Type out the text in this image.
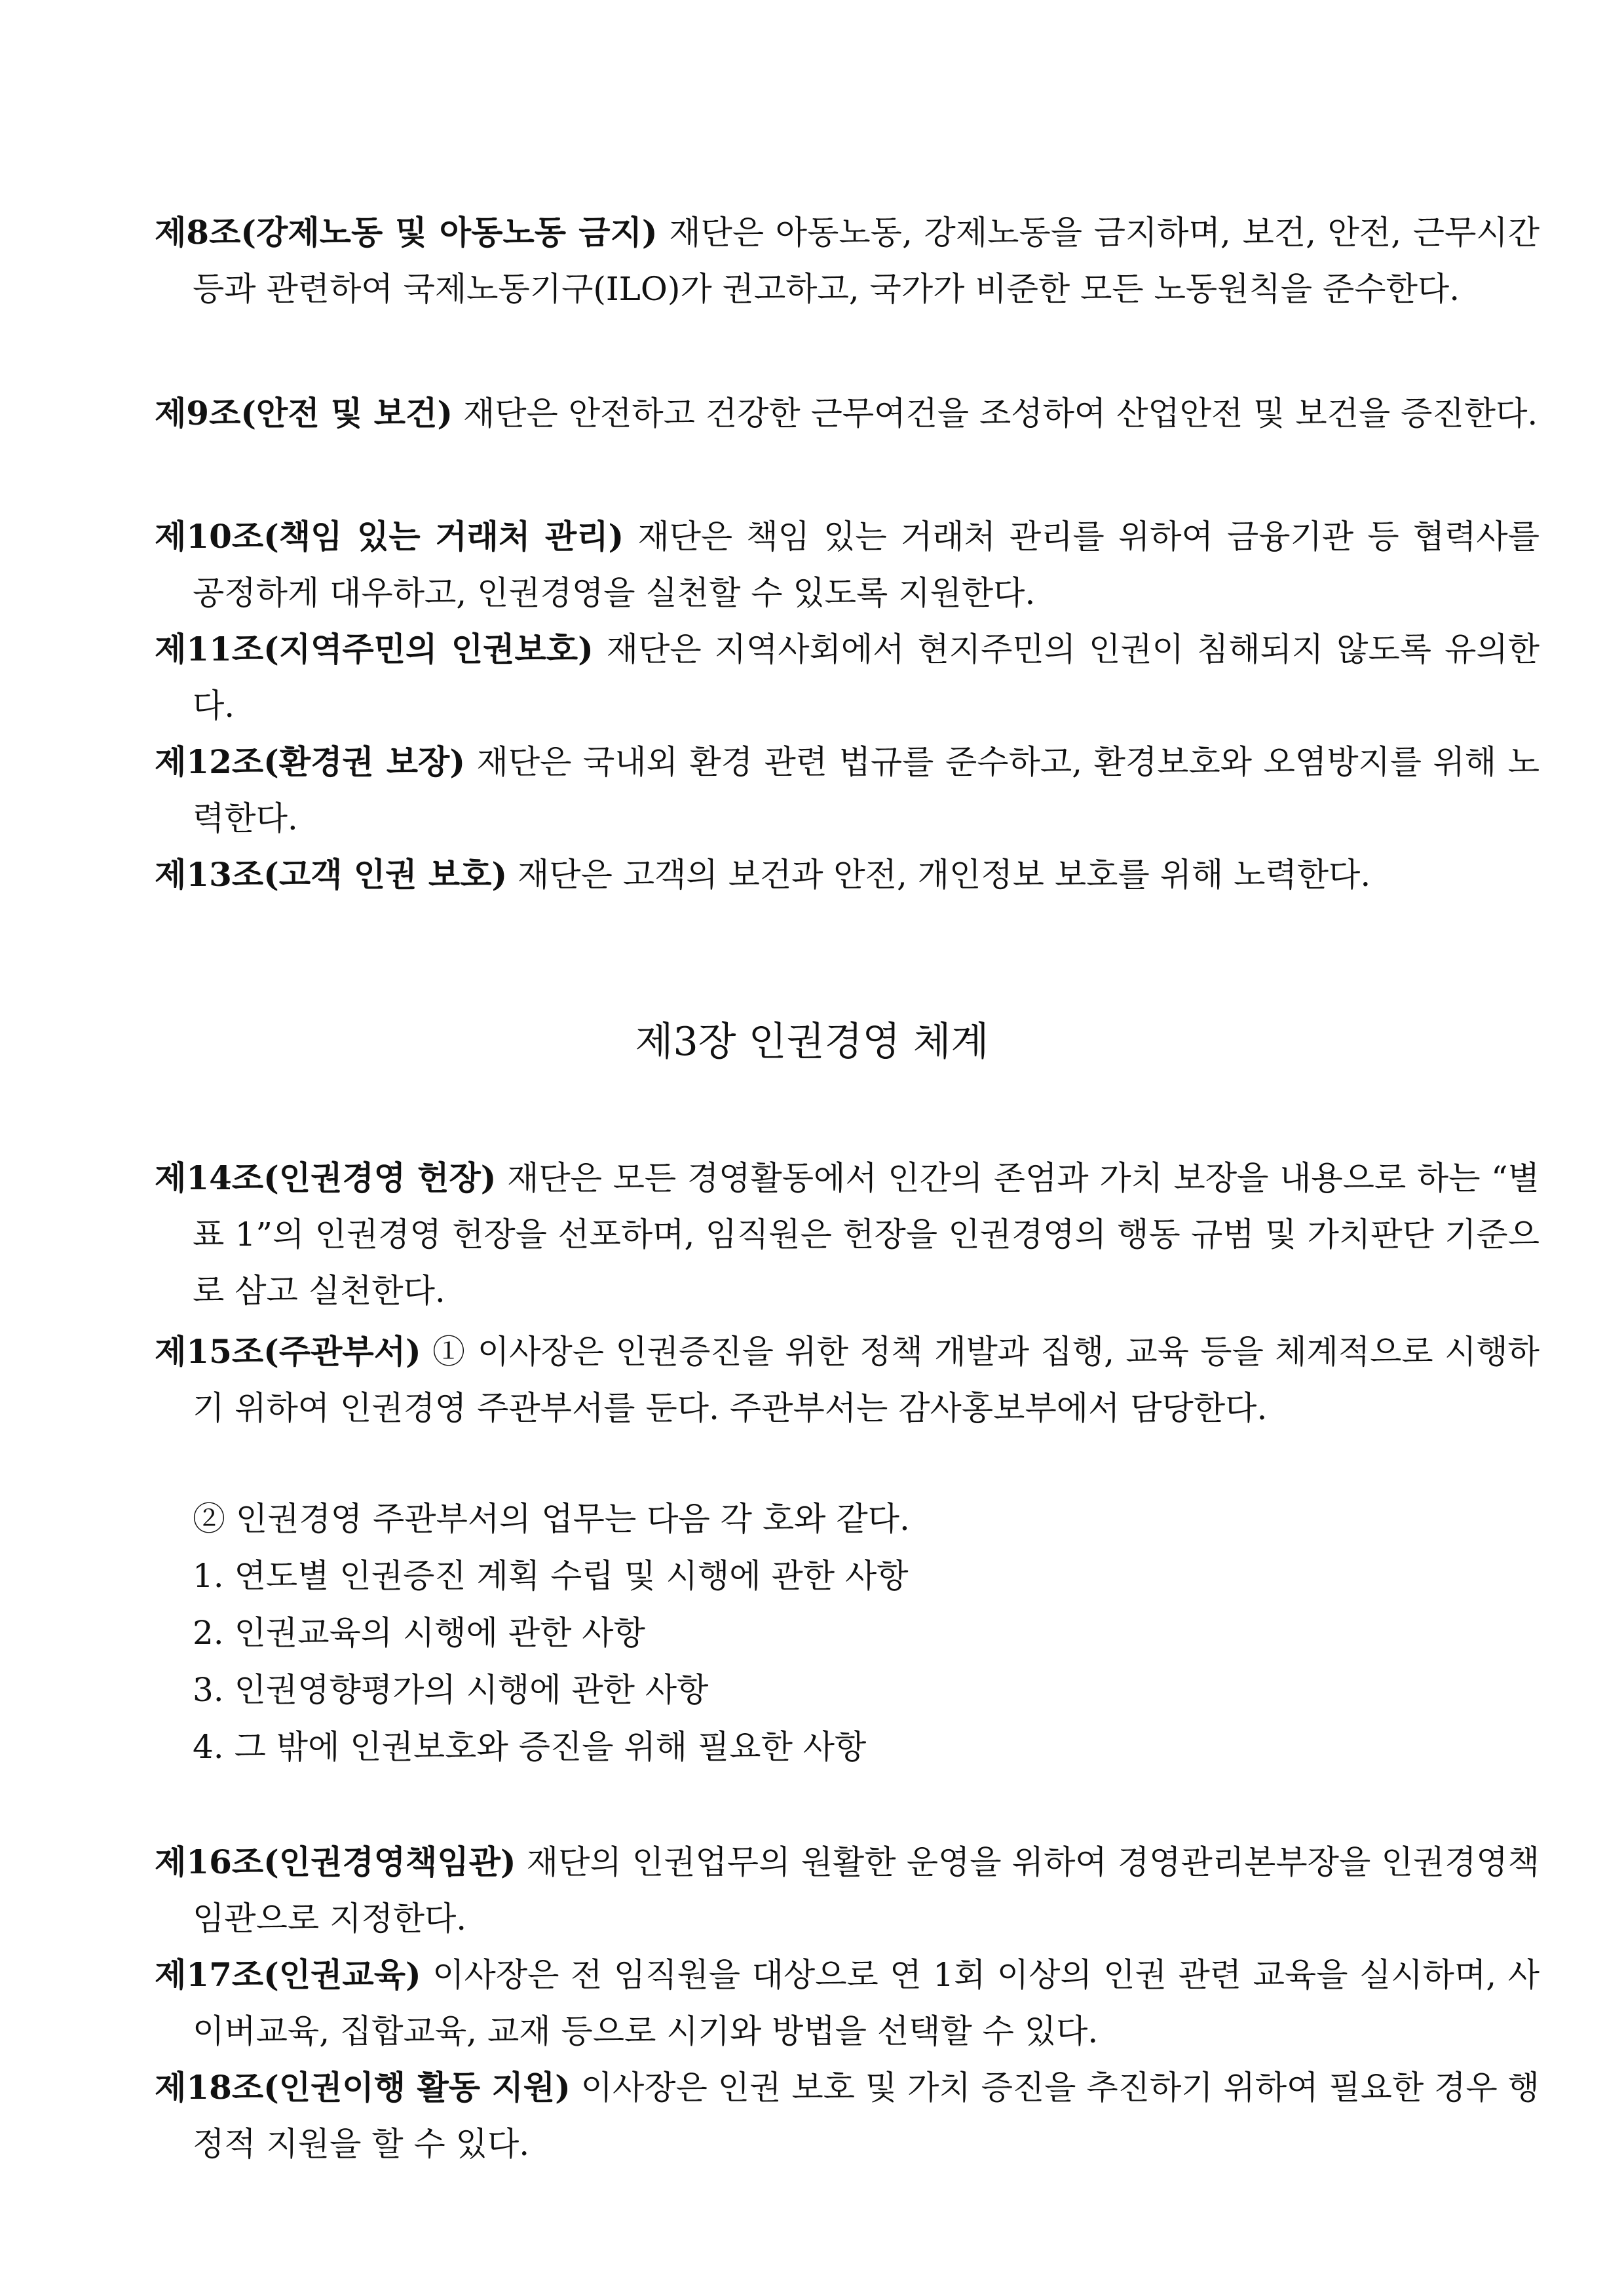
제8조(강제노동 및 아동노동 금지) 재단은 아동노동, 강제노동을 금지하며, 보건, 안전, 근무시간 등과 관련하여 국제노동기구(ILO)가 권고하고, 국가가 비준한 모든 노동원칙을 준수한다.

제9조(안전 및 보건) 재단은 안전하고 건강한 근무여건을 조성하여 산업안전 및 보건을 증진한다.

제10조(책임 있는 거래처 관리) 재단은 책임 있는 거래처 관리를 위하여 금융기관 등 협력사를 공정하게 대우하고, 인권경영을 실천할 수 있도록 지원한다.

제11조(지역주민의 인권보호) 재단은 지역사회에서 현지주민의 인권이 침해되지 않도록 유의한다.

제12조(환경권 보장) 재단은 국내외 환경 관련 법규를 준수하고, 환경보호와 오염방지를 위해 노력한다.

제13조(고객 인권 보호) 재단은 고객의 보건과 안전, 개인정보 보호를 위해 노력한다.

제3장 인권경영 체계

제14조(인권경영 헌장) 재단은 모든 경영활동에서 인간의 존엄과 가치 보장을 내용으로 하는 “별표 1”의 인권경영 헌장을 선포하며, 임직원은 헌장을 인권경영의 행동 규범 및 가치판단 기준으로 삼고 실천한다.

제15조(주관부서) ① 이사장은 인권증진을 위한 정책 개발과 집행, 교육 등을 체계적으로 시행하기 위하여 인권경영 주관부서를 둔다. 주관부서는 감사홍보부에서 담당한다.

② 인권경영 주관부서의 업무는 다음 각 호와 같다.

1. 연도별 인권증진 계획 수립 및 시행에 관한 사항

2. 인권교육의 시행에 관한 사항

3. 인권영향평가의 시행에 관한 사항

4. 그 밖에 인권보호와 증진을 위해 필요한 사항

제16조(인권경영책임관) 재단의 인권업무의 원활한 운영을 위하여 경영관리본부장을 인권경영책임관으로 지정한다.

제17조(인권교육) 이사장은 전 임직원을 대상으로 연 1회 이상의 인권 관련 교육을 실시하며, 사이버교육, 집합교육, 교재 등으로 시기와 방법을 선택할 수 있다.

제18조(인권이행 활동 지원) 이사장은 인권 보호 및 가치 증진을 추진하기 위하여 필요한 경우 행정적 지원을 할 수 있다.
